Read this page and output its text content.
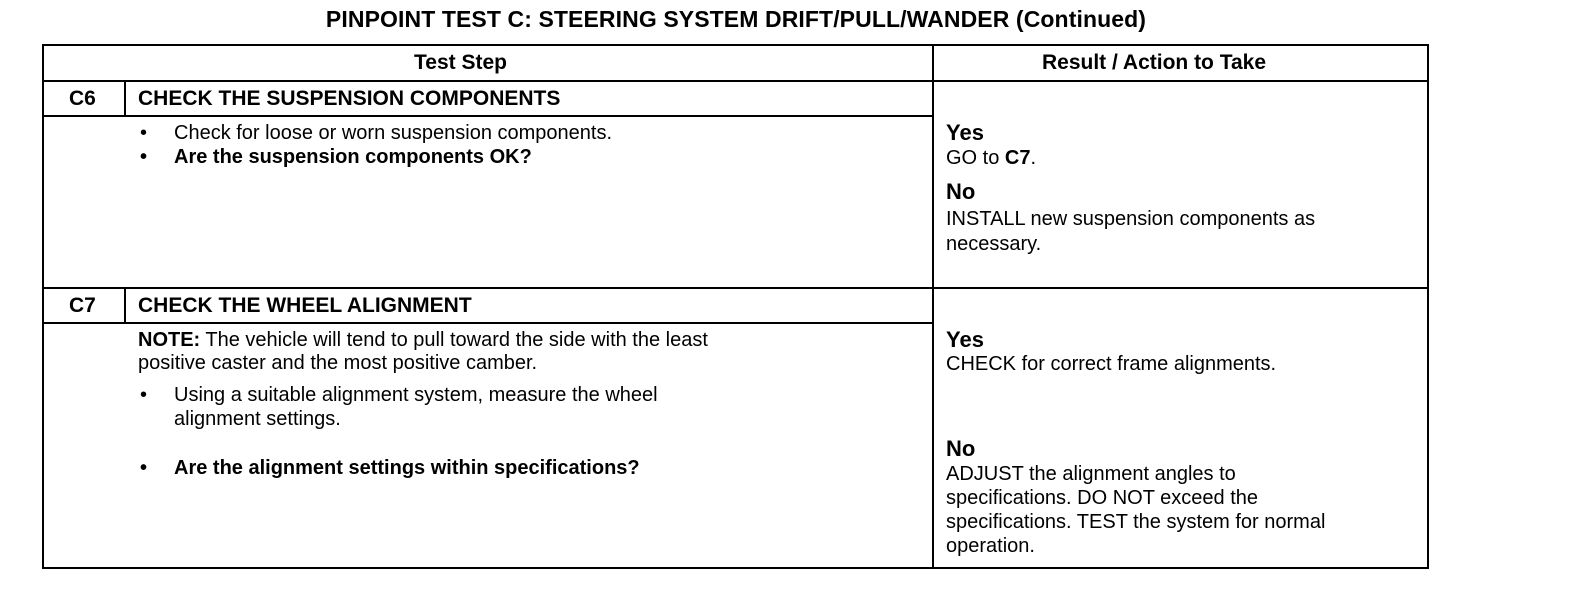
PINPOINT TEST C: STEERING SYSTEM DRIFT/PULL/WANDER (Continued)
Test Step	Result / Action to Take
C6 CHECK THE SUSPENSION COMPONENTS
• Check for loose or worn suspension components.
• Are the suspension components OK?
Yes
GO to C7.
No
INSTALL new suspension components as
necessary.
C7 CHECK THE WHEEL ALIGNMENT
NOTE: The vehicle will tend to pull toward the side with the least
positive caster and the most positive camber.
• Using a suitable alignment system, measure the wheel
alignment settings.
• Are the alignment settings within specifications?
Yes
CHECK for correct frame alignments.
No
ADJUST the alignment angles to
specifications. DO NOT exceed the
specifications. TEST the system for normal
operation.
